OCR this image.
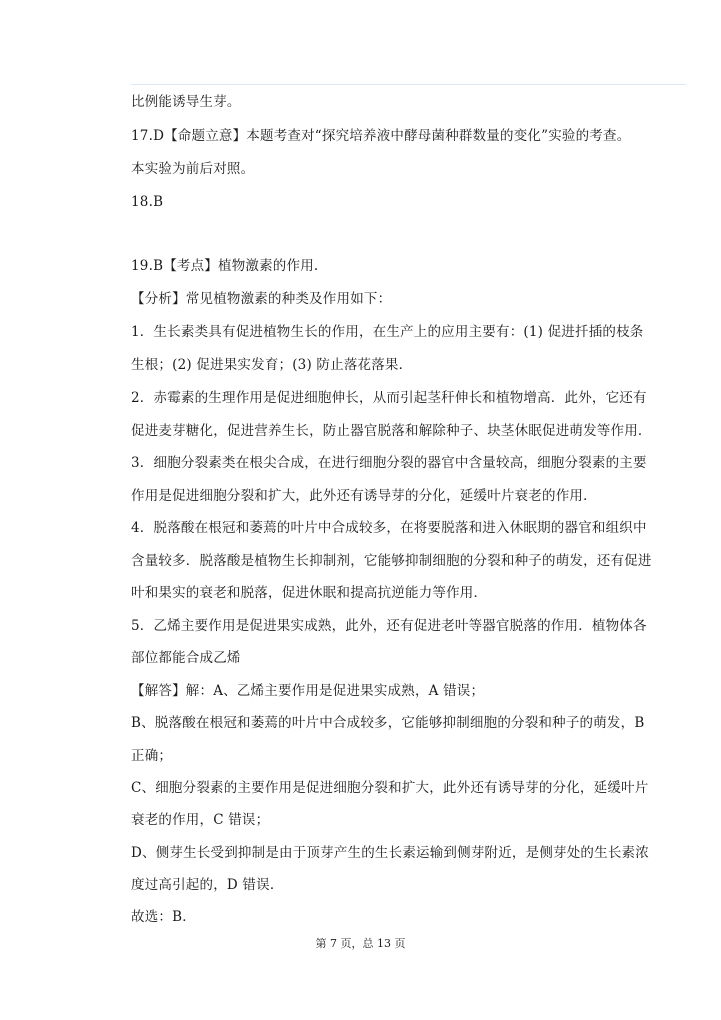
比例能诱导生芽。
17.D【命题立意】本题考查对“探究培养液中酵母菌种群数量的变化”实验的考查。
本实验为前后对照。
18.B
19.B【考点】植物激素的作用.
【分析】常见植物激素的种类及作用如下：
1．生长素类具有促进植物生长的作用，在生产上的应用主要有：(1) 促进扦插的枝条
生根；(2) 促进果实发育；(3) 防止落花落果．
2．赤霉素的生理作用是促进细胞伸长，从而引起茎秆伸长和植物增高．此外，它还有
促进麦芽糖化，促进营养生长，防止器官脱落和解除种子、块茎休眠促进萌发等作用．
3．细胞分裂素类在根尖合成，在进行细胞分裂的器官中含量较高，细胞分裂素的主要
作用是促进细胞分裂和扩大，此外还有诱导芽的分化，延缓叶片衰老的作用．
4．脱落酸在根冠和萎蔫的叶片中合成较多，在将要脱落和进入休眠期的器官和组织中
含量较多．脱落酸是植物生长抑制剂，它能够抑制细胞的分裂和种子的萌发，还有促进
叶和果实的衰老和脱落，促进休眠和提高抗逆能力等作用．
5．乙烯主要作用是促进果实成熟，此外，还有促进老叶等器官脱落的作用．植物体各
部位都能合成乙烯
【解答】解：A、乙烯主要作用是促进果实成熟，A 错误；
B、脱落酸在根冠和萎蔫的叶片中合成较多，它能够抑制细胞的分裂和种子的萌发，B
正确；
C、细胞分裂素的主要作用是促进细胞分裂和扩大，此外还有诱导芽的分化，延缓叶片
衰老的作用，C 错误；
D、侧芽生长受到抑制是由于顶芽产生的生长素运输到侧芽附近，是侧芽处的生长素浓
度过高引起的，D 错误．
故选：B．
第 7 页，总 13 页
